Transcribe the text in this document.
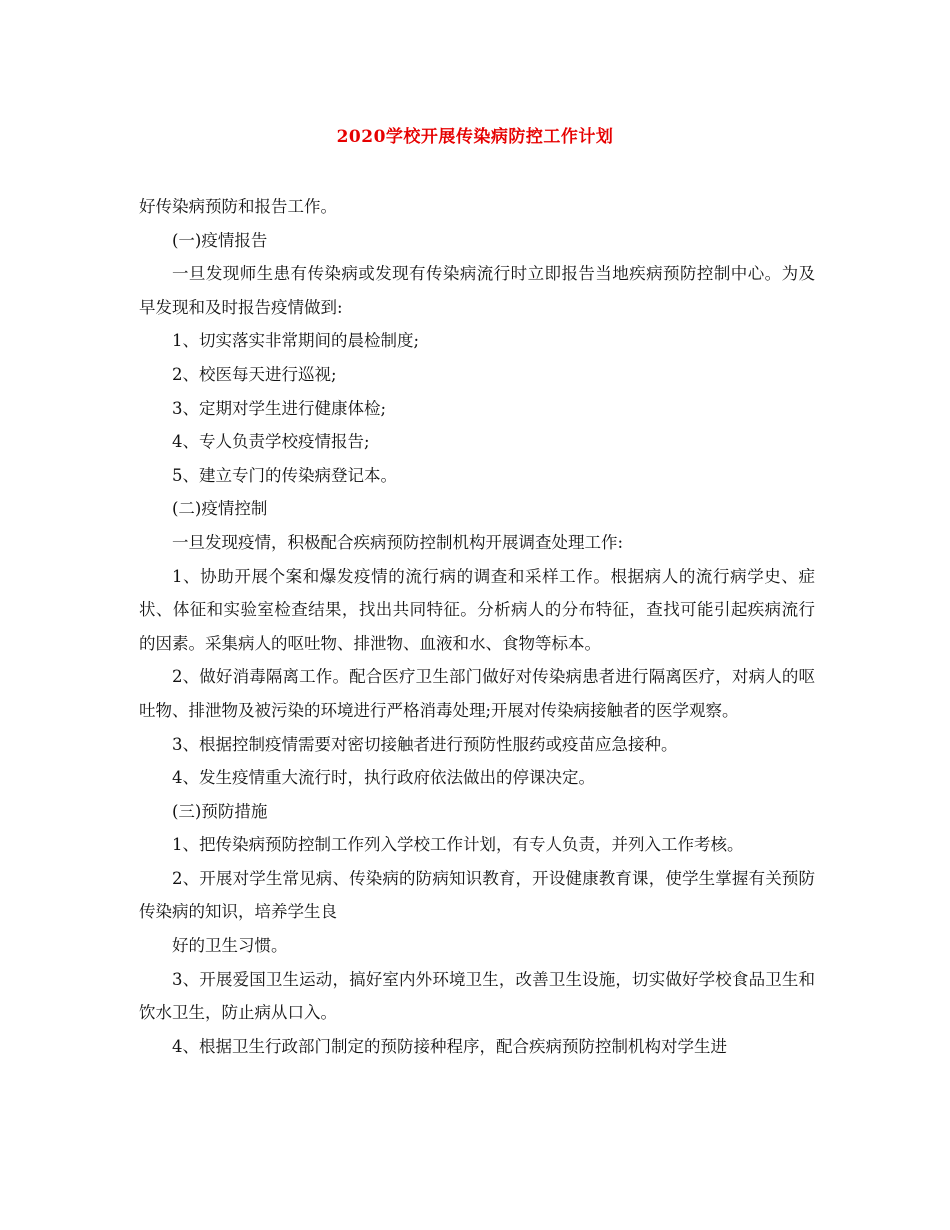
2020学校开展传染病防控工作计划

好传染病预防和报告工作。

(一)疫情报告

一旦发现师生患有传染病或发现有传染病流行时立即报告当地疾病预防控制中心。为及早发现和及时报告疫情做到:

1、切实落实非常期间的晨检制度;

2、校医每天进行巡视;

3、定期对学生进行健康体检;

4、专人负责学校疫情报告;

5、建立专门的传染病登记本。

(二)疫情控制

一旦发现疫情，积极配合疾病预防控制机构开展调查处理工作:

1、协助开展个案和爆发疫情的流行病的调查和采样工作。根据病人的流行病学史、症状、体征和实验室检查结果，找出共同特征。分析病人的分布特征，查找可能引起疾病流行的因素。采集病人的呕吐物、排泄物、血液和水、食物等标本。

2、做好消毒隔离工作。配合医疗卫生部门做好对传染病患者进行隔离医疗，对病人的呕吐物、排泄物及被污染的环境进行严格消毒处理;开展对传染病接触者的医学观察。

3、根据控制疫情需要对密切接触者进行预防性服药或疫苗应急接种。

4、发生疫情重大流行时，执行政府依法做出的停课决定。

(三)预防措施

1、把传染病预防控制工作列入学校工作计划，有专人负责，并列入工作考核。

2、开展对学生常见病、传染病的防病知识教育，开设健康教育课，使学生掌握有关预防传染病的知识，培养学生良

好的卫生习惯。

3、开展爱国卫生运动，搞好室内外环境卫生，改善卫生设施，切实做好学校食品卫生和饮水卫生，防止病从口入。

4、根据卫生行政部门制定的预防接种程序，配合疾病预防控制机构对学生进
